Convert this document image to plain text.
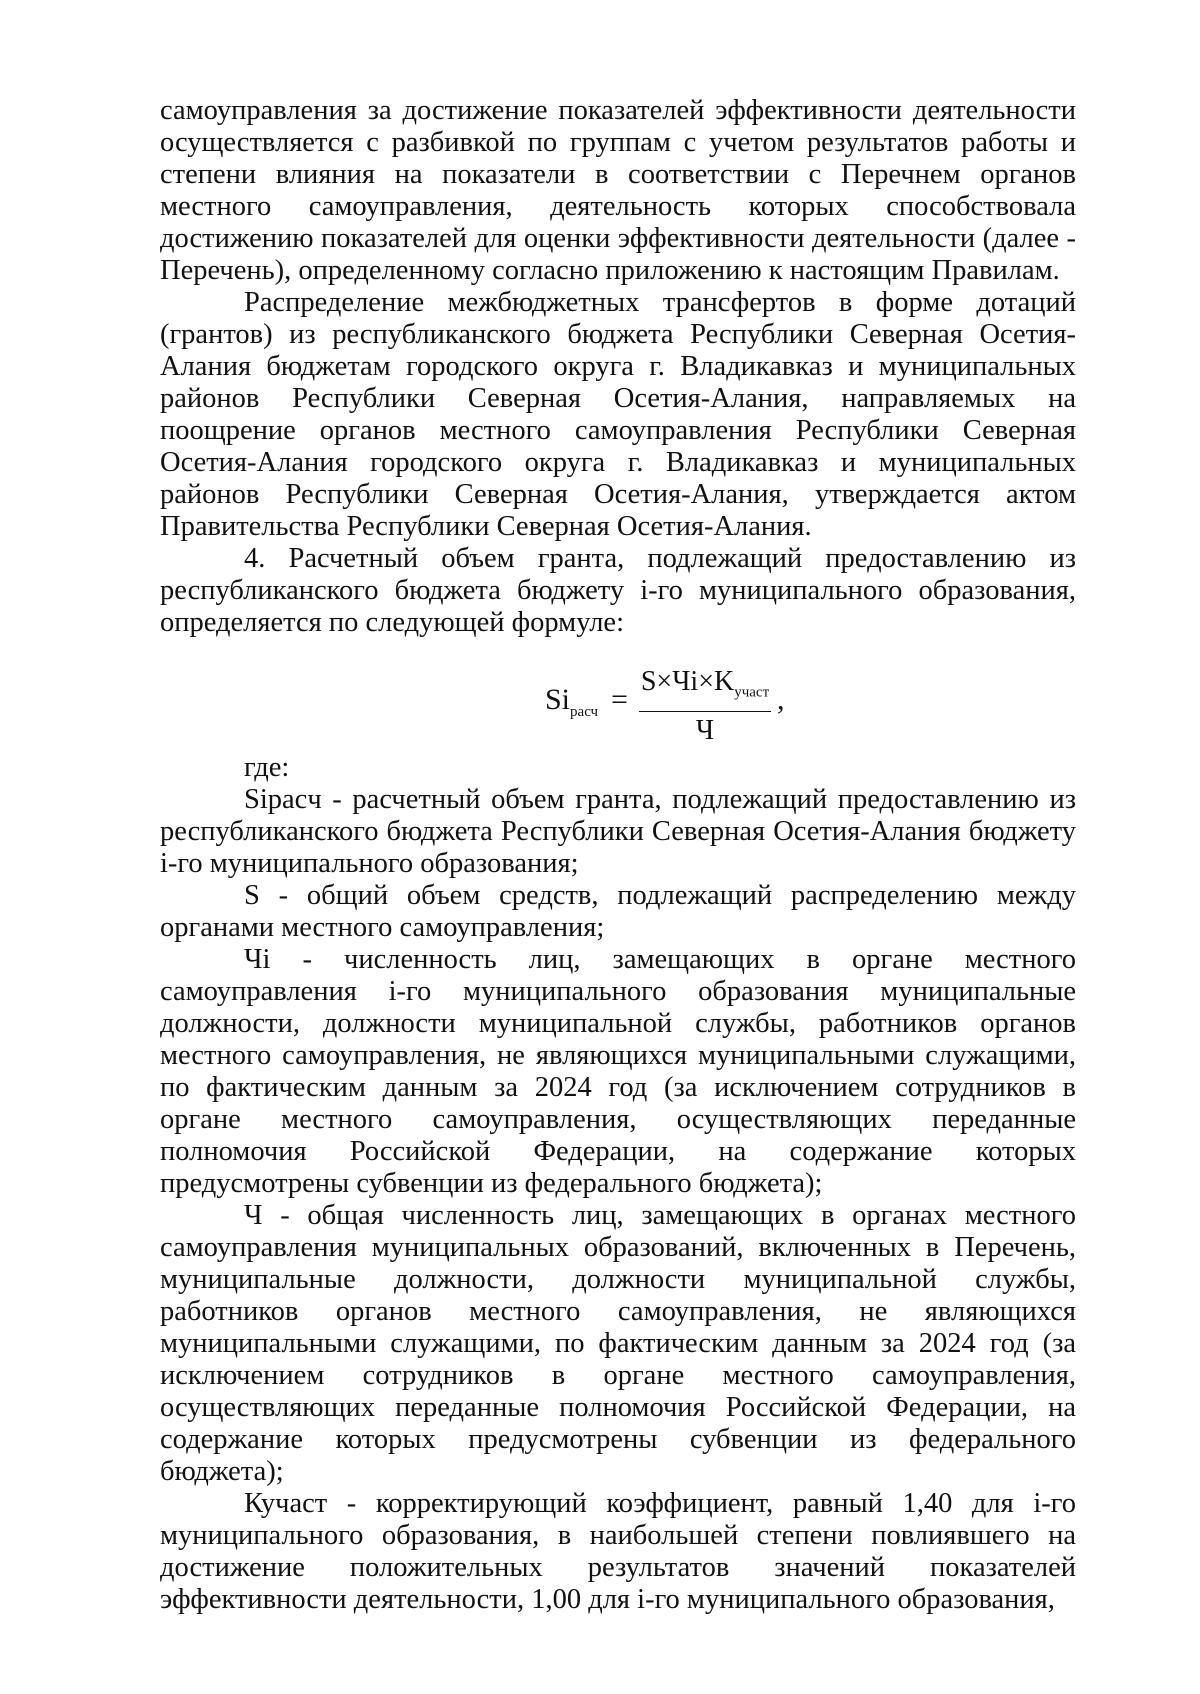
самоуправления за достижение показателей эффективности деятельности осуществляется с разбивкой по группам с учетом результатов работы и степени влияния на показатели в соответствии с Перечнем органов местного самоуправления, деятельность которых способствовала достижению показателей для оценки эффективности деятельности (далее - Перечень), определенному согласно приложению к настоящим Правилам.

Распределение межбюджетных трансфертов в форме дотаций (грантов) из республиканского бюджета Республики Северная Осетия-Алания бюджетам городского округа г. Владикавказ и муниципальных районов Республики Северная Осетия-Алания, направляемых на поощрение органов местного самоуправления Республики Северная Осетия-Алания городского округа г. Владикавказ и муниципальных районов Республики Северная Осетия-Алания, утверждается актом Правительства Республики Северная Осетия-Алания.

4. Расчетный объем гранта, подлежащий предоставлению из республиканского бюджета бюджету i-го муниципального образования, определяется по следующей формуле:

$Si_{расч}$ =
$S\times Чi\times K_{участ}$
Ч
,

где:

Sipacч - расчетный объем гранта, подлежащий предоставлению из республиканского бюджета Республики Северная Осетия-Алания бюджету i-го муниципального образования;

S - общий объем средств, подлежащий распределению между органами местного самоуправления;

Чi - численность лиц, замещающих в органе местного самоуправления i-го муниципального образования муниципальные должности, должности муниципальной службы, работников органов местного самоуправления, не являющихся муниципальными служащими, по фактическим данным за 2024 год (за исключением сотрудников в органе местного самоуправления, осуществляющих переданные полномочия Российской Федерации, на содержание которых предусмотрены субвенции из федерального бюджета);

Ч - общая численность лиц, замещающих в органах местного самоуправления муниципальных образований, включенных в Перечень, муниципальные должности, должности муниципальной службы, работников органов местного самоуправления, не являющихся муниципальными служащими, по фактическим данным за 2024 год (за исключением сотрудников в органе местного самоуправления, осуществляющих переданные полномочия Российской Федерации, на содержание которых предусмотрены субвенции из федерального бюджета);

Кучаст - корректирующий коэффициент, равный 1,40 для i-го муниципального образования, в наибольшей степени повлиявшего на достижение положительных результатов значений показателей эффективности деятельности, 1,00 для i-го муниципального образования,
